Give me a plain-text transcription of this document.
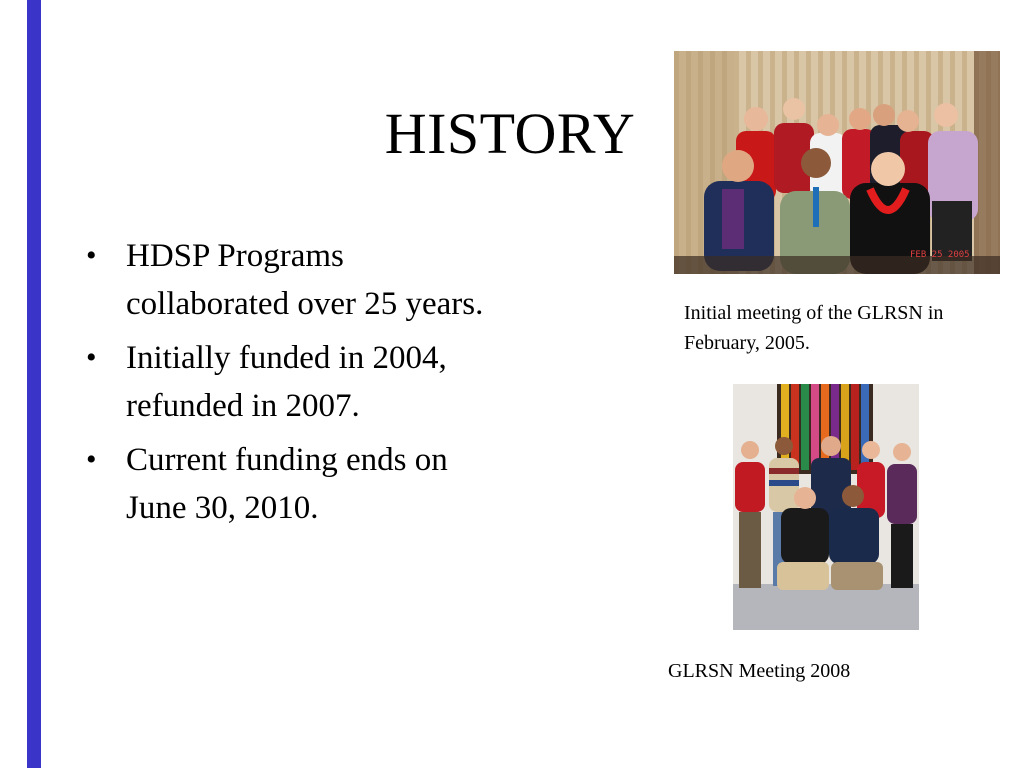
HISTORY
• HDSP Programs collaborated over 25 years.
• Initially funded in 2004, refunded in 2007.
• Current funding ends on June 30, 2010.
FEB 25 2005
Initial meeting of the GLRSN in February, 2005.
GLRSN Meeting 2008
